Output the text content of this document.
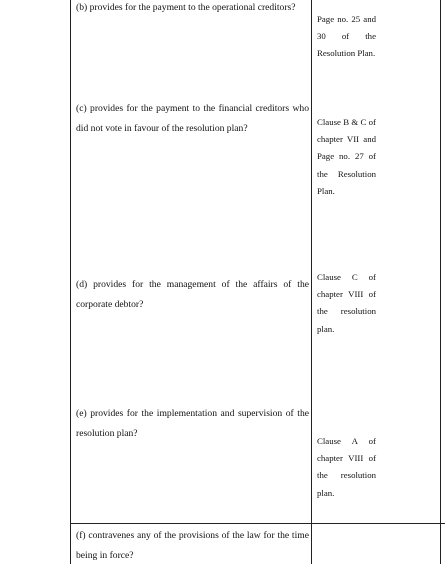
(b) provides for the payment to the operational creditors?
Page no. 25 and 30 of the Resolution Plan.
(c) provides for the payment to the financial creditors who did not vote in favour of the resolution plan?
Clause B & C of chapter VII and Page no. 27 of the Resolution Plan.
(d) provides for the management of the affairs of the corporate debtor?
Clause C of chapter VIII of the resolution plan.
(e) provides for the implementation and supervision of the resolution plan?
Clause A of chapter VIII of the resolution plan.
(f) contravenes any of the provisions of the law for the time being in force?
